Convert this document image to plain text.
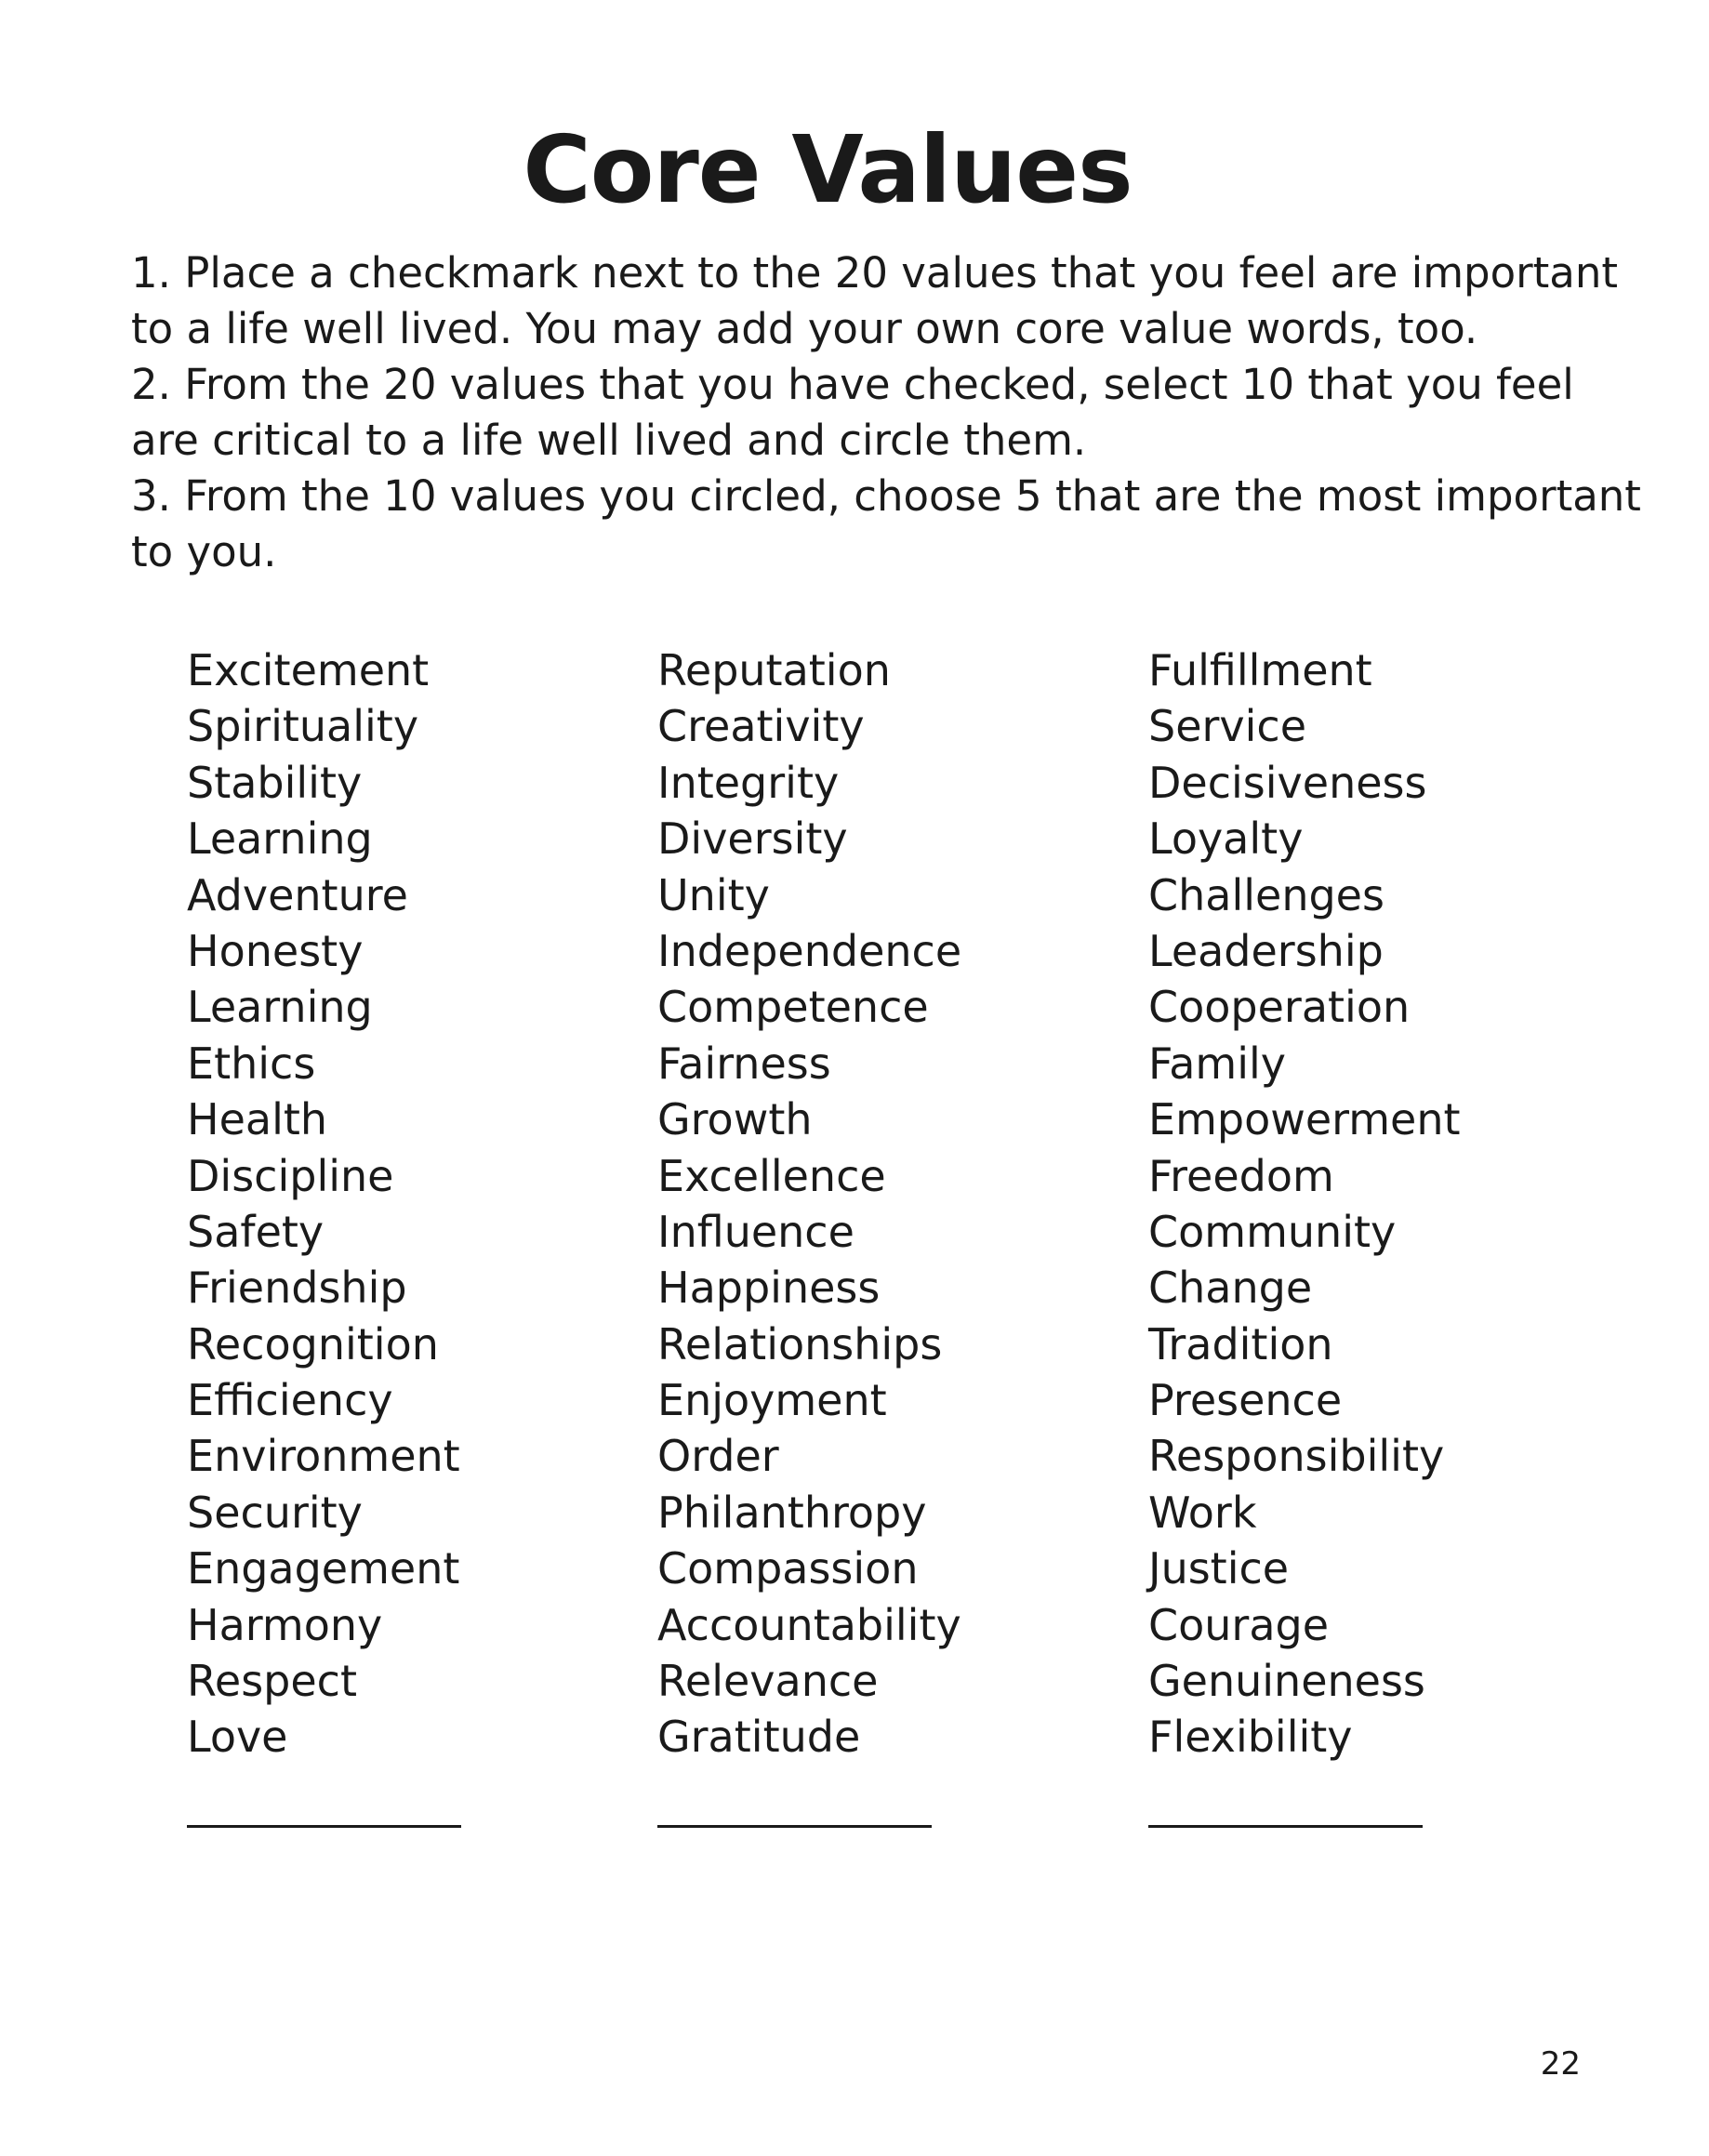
Core Values

1. Place a checkmark next to the 20 values that you feel are important

to a life well lived. You may add your own core value words, too.

2. From the 20 values that you have checked, select 10 that you feel

are critical to a life well lived and circle them.

3. From the 10 values you circled, choose 5 that are the most important

to you.

Excitement
Spirituality
Stability
Learning
Adventure
Honesty
Learning
Ethics
Health
Discipline
Safety
Friendship
Recognition
Efficiency
Environment
Security
Engagement
Harmony
Respect
Love
Reputation
Creativity
Integrity
Diversity
Unity
Independence
Competence
Fairness
Growth
Excellence
Influence
Happiness
Relationships
Enjoyment
Order
Philanthropy
Compassion
Accountability
Relevance
Gratitude
Fulfillment
Service
Decisiveness
Loyalty
Challenges
Leadership
Cooperation
Family
Empowerment
Freedom
Community
Change
Tradition
Presence
Responsibility
Work
Justice
Courage
Genuineness
Flexibility
22
